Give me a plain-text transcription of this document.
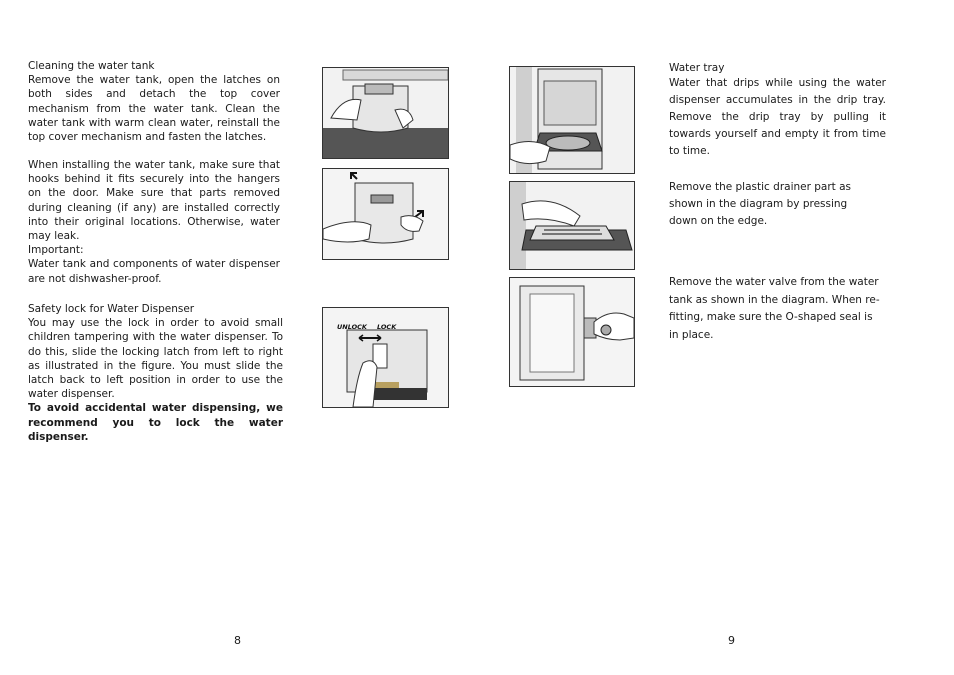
Cleaning the water tank

Remove the water tank, open the latches on both sides and detach the top cover mechanism from the water tank. Clean the water tank with warm clean water, reinstall the top cover mechanism and fasten the latches.

When installing the water tank, make sure that hooks behind it fits securely into the hangers on the door. Make sure that parts removed during cleaning (if any) are installed correctly into their original locations. Otherwise, water may leak.

Important:

Water tank and components of water dispenser are not dishwasher-proof.

Safety lock for Water Dispenser

You may use the lock in order to avoid small children tampering with the water dispenser. To do this, slide the locking latch from left to right as illustrated in the figure. You must slide the latch back to left position in order to use the water dispenser.

To avoid accidental water dispensing, we recommend you to lock the water dispenser.

UNLOCK LOCK

Water tray

Water that drips while using the water dispenser accumulates in the drip tray. Remove the drip tray by pulling it towards yourself and empty it from time to time.

Remove the plastic drainer part as shown in the diagram by pressing down on the edge.

Remove the water valve from the water tank as shown in the diagram. When re-fitting, make sure the O-shaped seal is in place.

8	9
